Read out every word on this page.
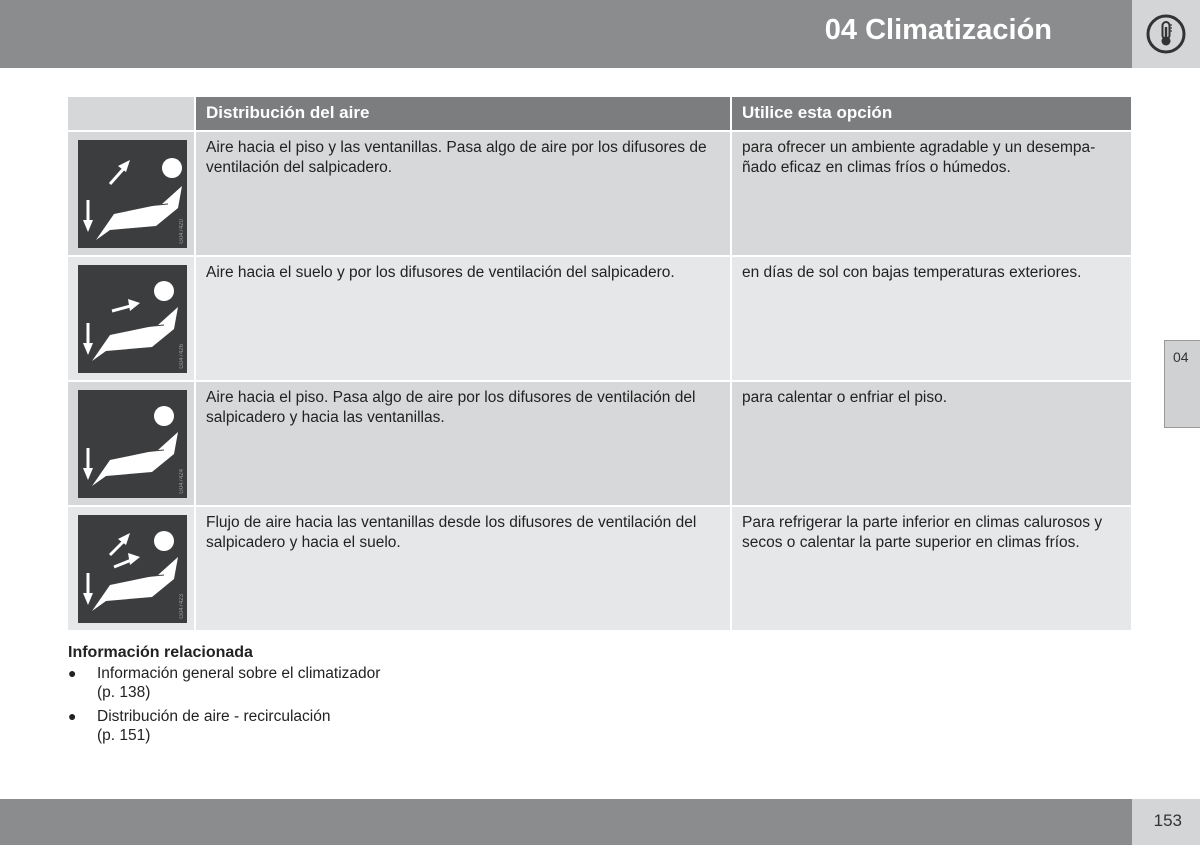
04 Climatización
04
Distribución del aire	Utilice esta opción
G047420
Aire hacia el piso y las ventanillas. Pasa algo de aire por los difusores de ventilación del salpicadero.
para ofrecer un ambiente agradable y un desempa-ñado eficaz en climas fríos o húmedos.
G047426
Aire hacia el suelo y por los difusores de ventilación del salpicadero.	en días de sol con bajas temperaturas exteriores.
G047424
Aire hacia el piso. Pasa algo de aire por los difusores de ventilación del salpicadero y hacia las ventanillas.
para calentar o enfriar el piso.
G047423
Flujo de aire hacia las ventanillas desde los difusores de ventilación del salpicadero y hacia el suelo.
Para refrigerar la parte inferior en climas calurosos y secos o calentar la parte superior en climas fríos.
Información relacionada
● Información general sobre el climatizador
(p. 138)
● Distribución de aire - recirculación
(p. 151)
153
